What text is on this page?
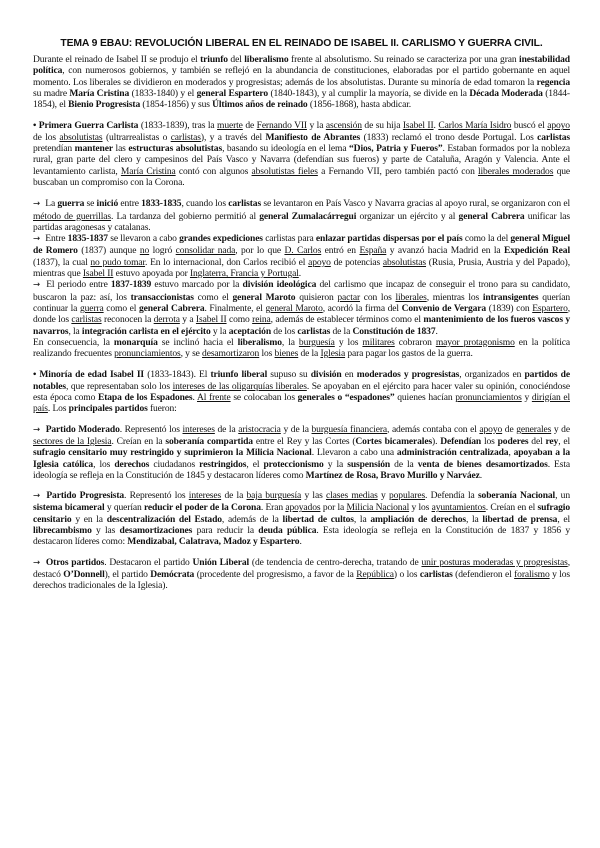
TEMA 9 EBAU: REVOLUCIÓN LIBERAL EN EL REINADO DE ISABEL II. CARLISMO Y GUERRA CIVIL.

Durante el reinado de Isabel II se produjo el triunfo del liberalismo frente al absolutismo. Su reinado se caracteriza por una gran inestabilidad política, con numerosos gobiernos, y también se reflejó en la abundancia de constituciones, elaboradas por el partido gobernante en aquel momento. Los liberales se dividieron en moderados y progresistas; además de los absolutistas. Durante su minoría de edad tomaron la regencia su madre María Cristina (1833-1840) y el general Espartero (1840-1843), y al cumplir la mayoría, se divide en la Década Moderada (1844-1854), el Bienio Progresista (1854-1856) y sus Últimos años de reinado (1856-1868), hasta abdicar.

• Primera Guerra Carlista (1833-1839), tras la muerte de Fernando VII y la ascensión de su hija Isabel II. Carlos María Isidro buscó el apoyo de los absolutistas (ultrarrealistas o carlistas), y a través del Manifiesto de Abrantes (1833) reclamó el trono desde Portugal. Los carlistas pretendían mantener las estructuras absolutistas, basando su ideología en el lema “Dios, Patria y Fueros”. Estaban formados por la nobleza rural, gran parte del clero y campesinos del País Vasco y Navarra (defendían sus fueros) y parte de Cataluña, Aragón y Valencia. Ante el levantamiento carlista, María Cristina contó con algunos absolutistas fieles a Fernando VII, pero también pactó con liberales moderados que buscaban un compromiso con la Corona.

→ La guerra se inició entre 1833-1835, cuando los carlistas se levantaron en País Vasco y Navarra gracias al apoyo rural, se organizaron con el método de guerrillas. La tardanza del gobierno permitió al general Zumalacárregui organizar un ejército y al general Cabrera unificar las partidas aragonesas y catalanas.

→ Entre 1835-1837 se llevaron a cabo grandes expediciones carlistas para enlazar partidas dispersas por el país como la del general Miguel de Romero (1837) aunque no logró consolidar nada, por lo que D. Carlos entró en España y avanzó hacia Madrid en la Expedición Real (1837), la cual no pudo tomar. En lo internacional, don Carlos recibió el apoyo de potencias absolutistas (Rusia, Prusia, Austria y del Papado), mientras que Isabel II estuvo apoyada por Inglaterra, Francia y Portugal.

→ El periodo entre 1837-1839 estuvo marcado por la división ideológica del carlismo que incapaz de conseguir el trono para su candidato, buscaron la paz: así, los transaccionistas como el general Maroto quisieron pactar con los liberales, mientras los intransigentes querían continuar la guerra como el general Cabrera. Finalmente, el general Maroto, acordó la firma del Convenio de Vergara (1839) con Espartero, donde los carlistas reconocen la derrota y a Isabel II como reina, además de establecer términos como el mantenimiento de los fueros vascos y navarros, la integración carlista en el ejército y la aceptación de los carlistas de la Constitución de 1837.

En consecuencia, la monarquía se inclinó hacia el liberalismo, la burguesía y los militares cobraron mayor protagonismo en la política realizando frecuentes pronunciamientos, y se desamortizaron los bienes de la Iglesia para pagar los gastos de la guerra.

• Minoría de edad Isabel II (1833-1843). El triunfo liberal supuso su división en moderados y progresistas, organizados en partidos de notables, que representaban solo los intereses de las oligarquías liberales. Se apoyaban en el ejército para hacer valer su opinión, conociéndose esta época como Etapa de los Espadones. Al frente se colocaban los generales o “espadones” quienes hacían pronunciamientos y dirigían el país. Los principales partidos fueron:

→ Partido Moderado. Representó los intereses de la aristocracia y de la burguesía financiera, además contaba con el apoyo de generales y de sectores de la Iglesia. Creían en la soberanía compartida entre el Rey y las Cortes (Cortes bicamerales). Defendían los poderes del rey, el sufragio censitario muy restringido y suprimieron la Milicia Nacional. Llevaron a cabo una administración centralizada, apoyaban a la Iglesia católica, los derechos ciudadanos restringidos, el proteccionismo y la suspensión de la venta de bienes desamortizados. Esta ideología se refleja en la Constitución de 1845 y destacaron líderes como Martínez de Rosa, Bravo Murillo y Narváez.

→ Partido Progresista. Representó los intereses de la baja burguesía y las clases medias y populares. Defendía la soberanía Nacional, un sistema bicameral y querían reducir el poder de la Corona. Eran apoyados por la Milicia Nacional y los ayuntamientos. Creían en el sufragio censitario y en la descentralización del Estado, además de la libertad de cultos, la ampliación de derechos, la libertad de prensa, el librecambismo y las desamortizaciones para reducir la deuda pública. Esta ideología se refleja en la Constitución de 1837 y 1856 y destacaron líderes como: Mendizabal, Calatrava, Madoz y Espartero.

→ Otros partidos. Destacaron el partido Unión Liberal (de tendencia de centro-derecha, tratando de unir posturas moderadas y progresistas, destacó O’Donnell), el partido Demócrata (procedente del progresismo, a favor de la República) o los carlistas (defendieron el foralismo y los derechos tradicionales de la Iglesia).
